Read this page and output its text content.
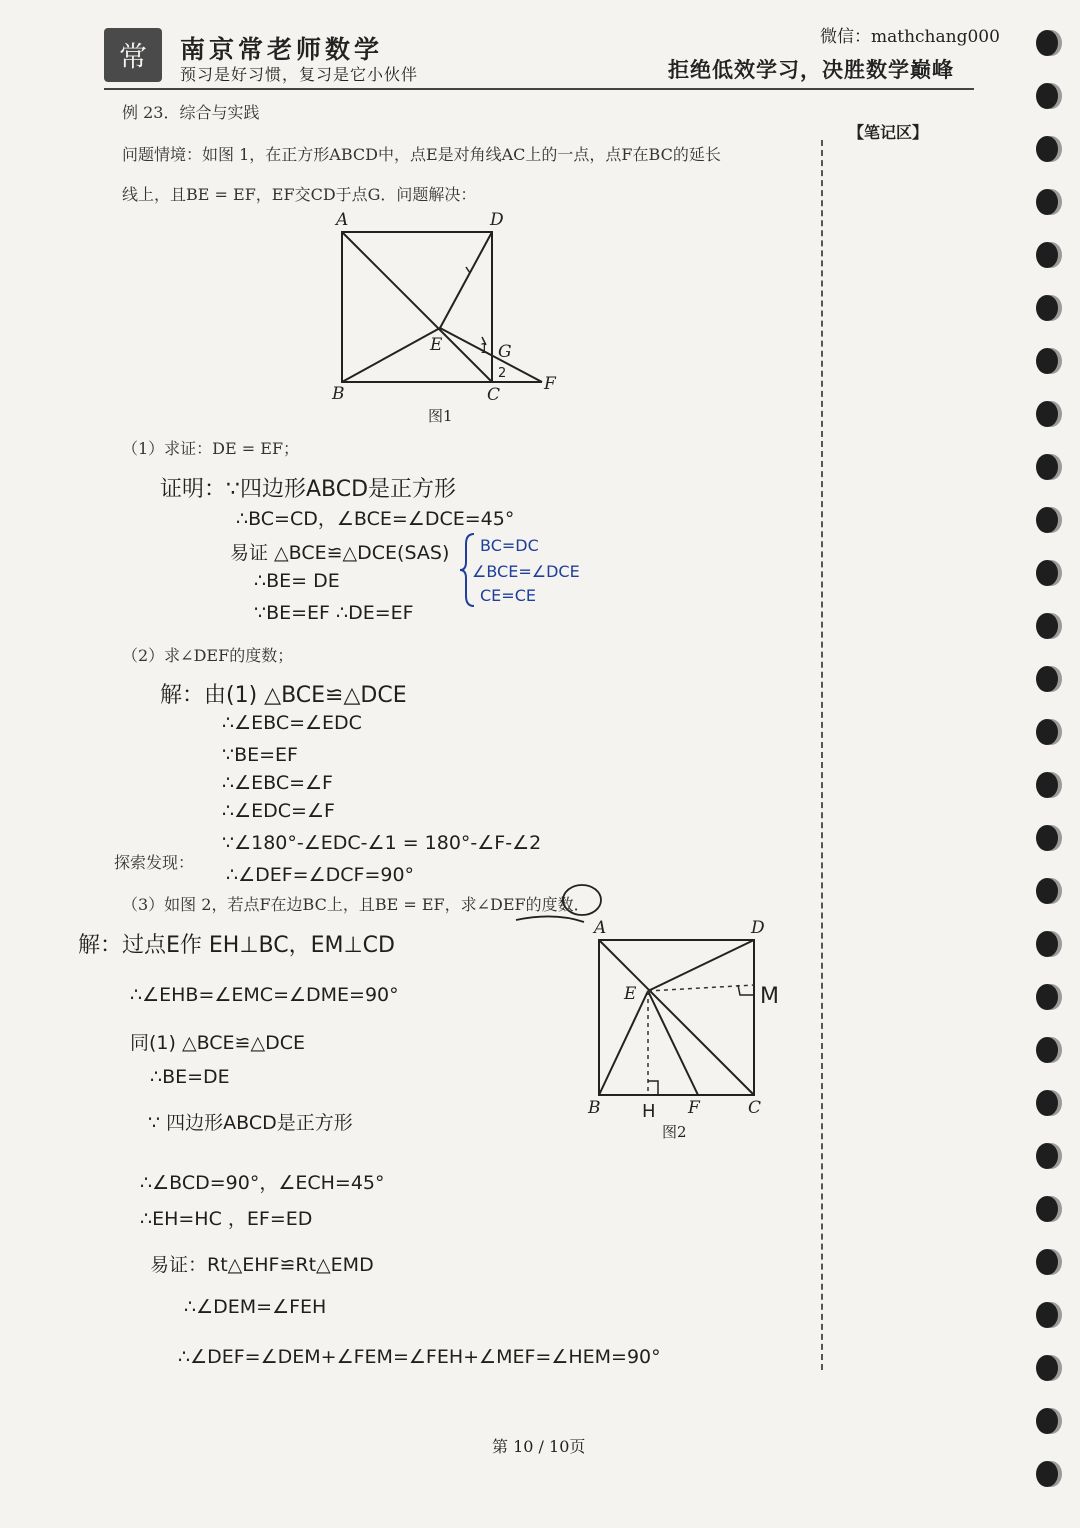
常 南京常老师数学
预习是好习惯，复习是它小伙伴
微信：mathchang000
拒绝低效学习，决胜数学巅峰
【笔记区】
例 23．综合与实践
问题情境：如图 1，在正方形ABCD中，点E是对角线AC上的一点，点F在BC的延长
线上，且BE = EF，EF交CD于点G．问题解决：
A	D
B	C
E	G
F
1
2
图1
（1）求证：DE = EF；
证明：∵四边形ABCD是正方形
∴BC=CD，∠BCE=∠DCE=45°
易证 △BCE≌△DCE(SAS)
∴BE= DE
∵BE=EF ∴DE=EF
BC=DC
∠BCE=∠DCE
CE=CE
（2）求∠DEF的度数；
解：由(1) △BCE≌△DCE
∴∠EBC=∠EDC
∵BE=EF
∴∠EBC=∠F
∴∠EDC=∠F
探索发现：
∵∠180°-∠EDC-∠1 = 180°-∠F-∠2
∴∠DEF=∠DCF=90°
（3）如图 2，若点F在边BC上，且BE = EF，求∠DEF的度数．
解：过点E作 EH⊥BC，EM⊥CD
∴∠EHB=∠EMC=∠DME=90°
同(1) △BCE≌△DCE
∴BE=DE
∵ 四边形ABCD是正方形
∴∠BCD=90°，∠ECH=45°
∴EH=HC ，EF=ED
易证：Rt△EHF≌Rt△EMD
∴∠DEM=∠FEH
∴∠DEF=∠DEM+∠FEM=∠FEH+∠MEF=∠HEM=90°
A	D
B	C
E
F
H
M
图2
第 10 / 10页
